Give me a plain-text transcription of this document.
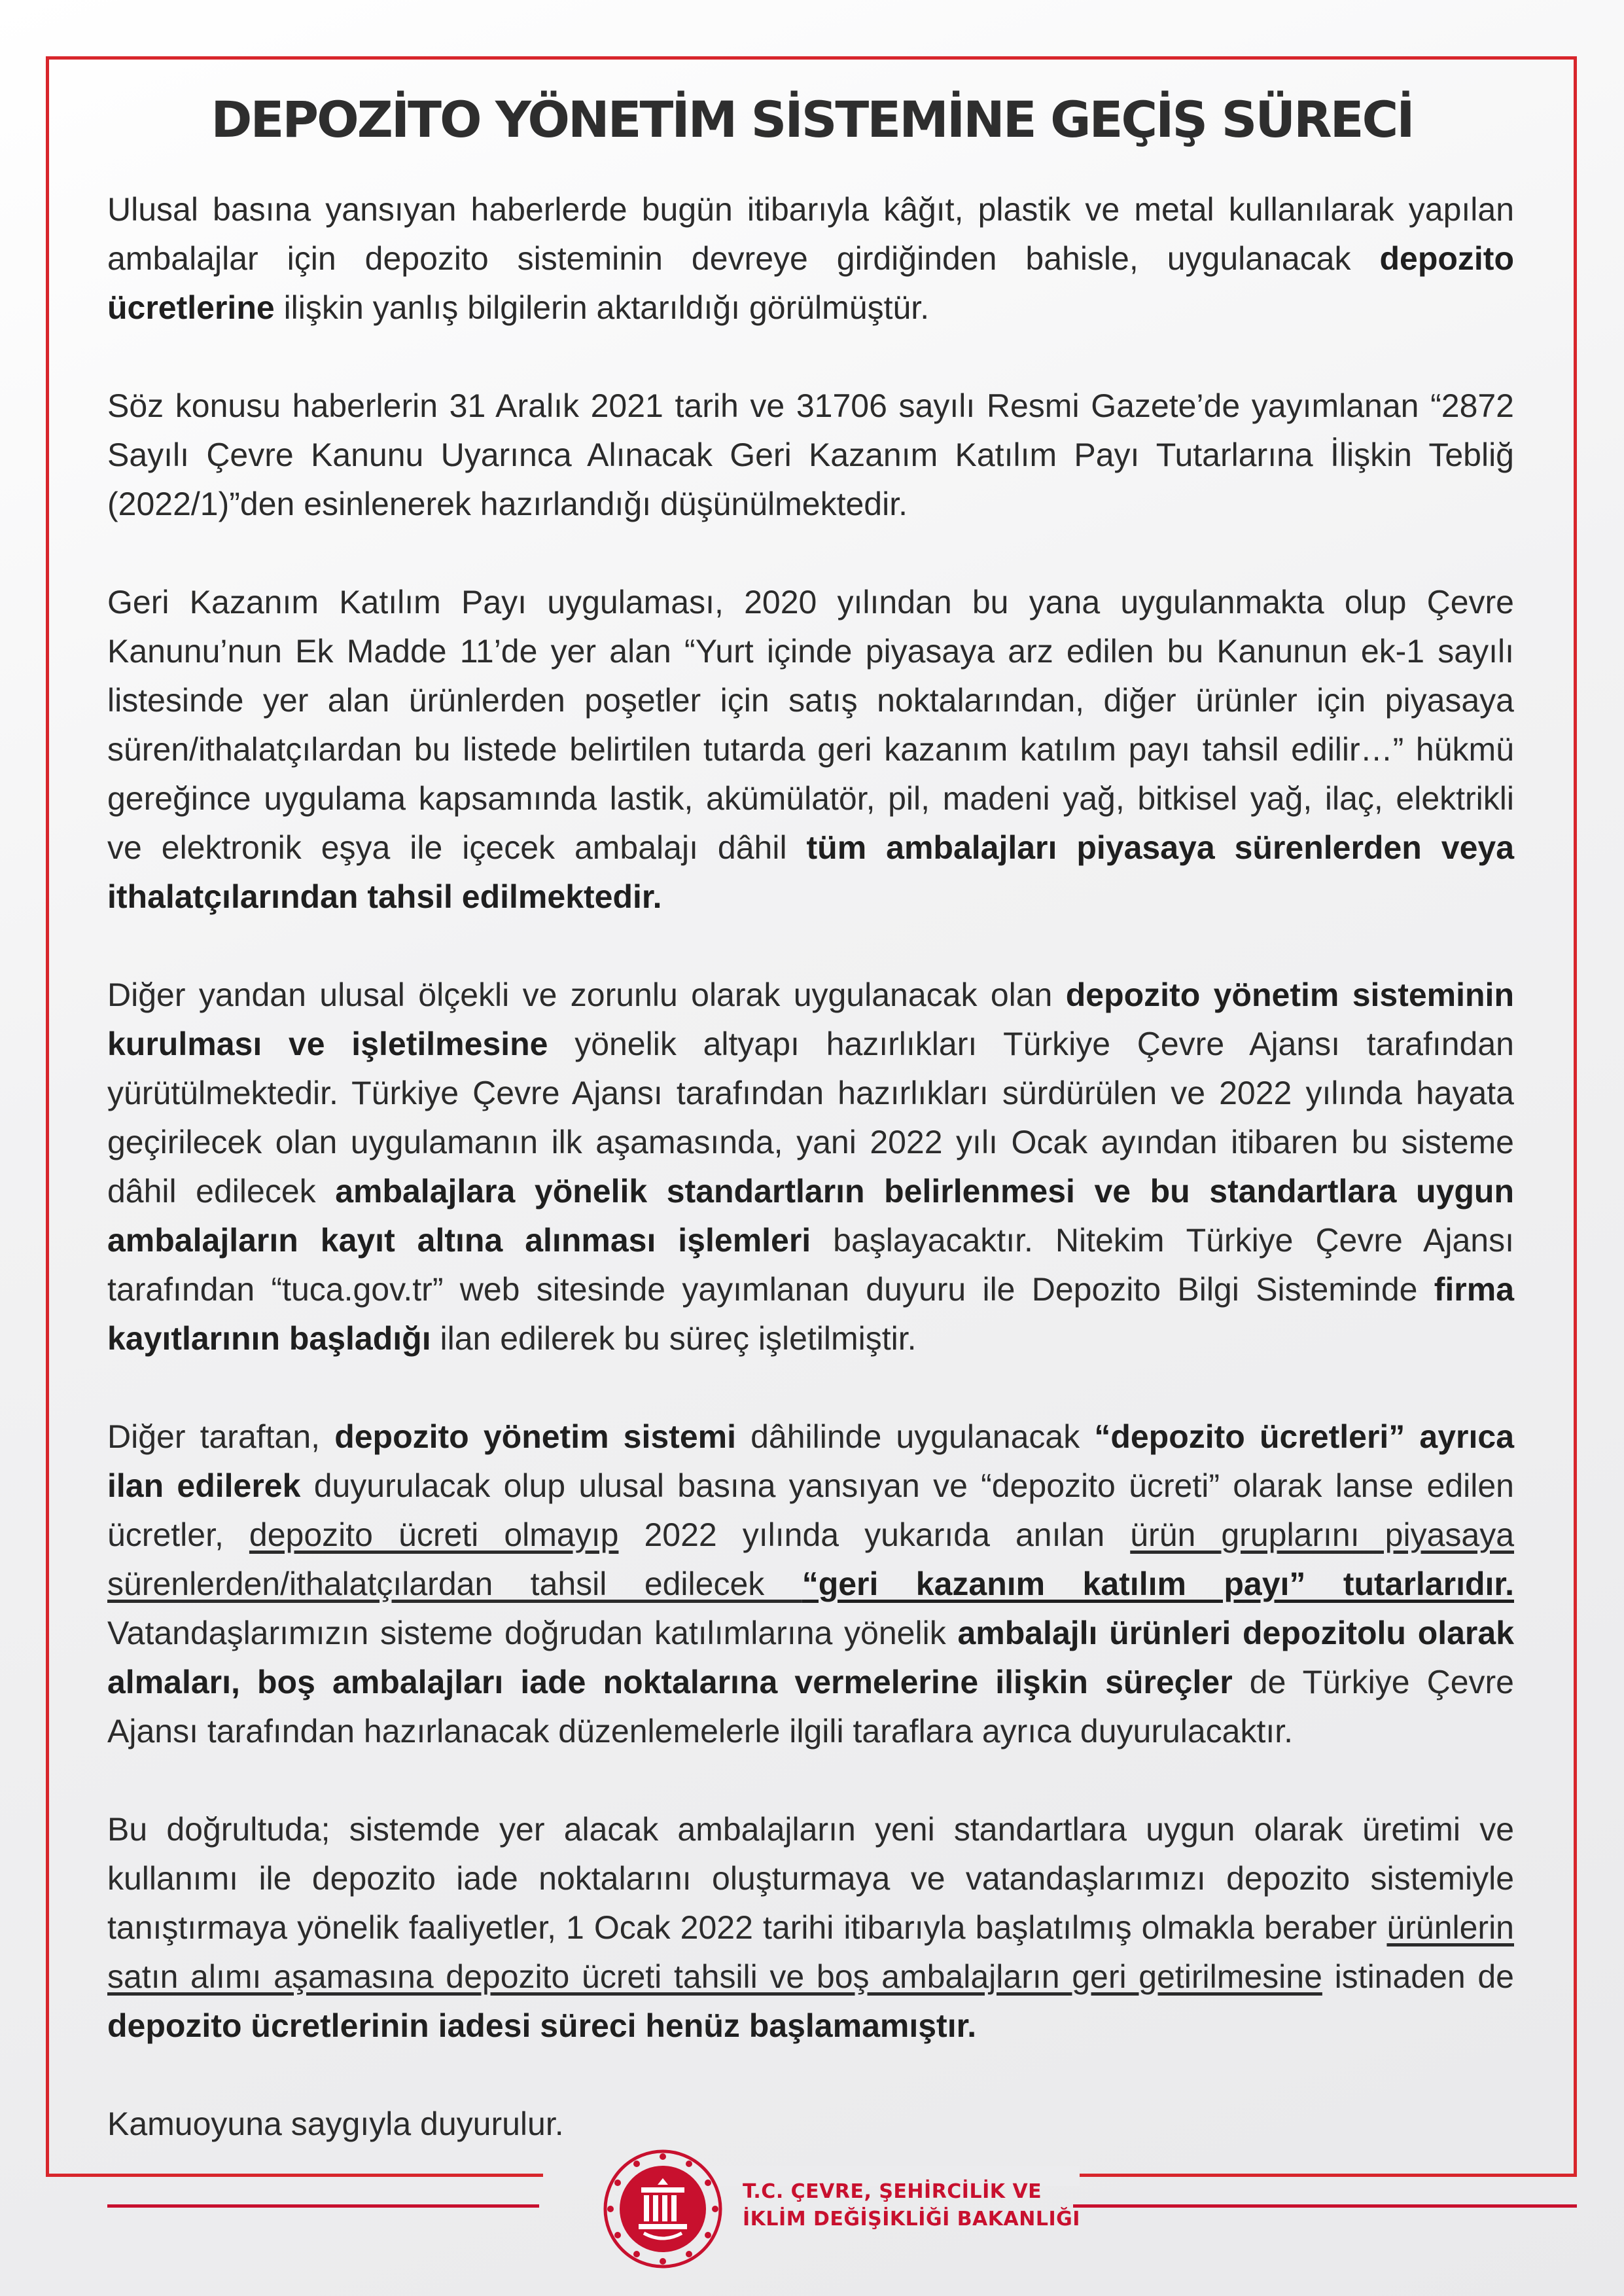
DEPOZİTO YÖNETİM SİSTEMİNE GEÇİŞ SÜRECİ

Ulusal basına yansıyan haberlerde bugün itibarıyla kâğıt, plastik ve metal kullanılarak yapılan ambalajlar için depozito sisteminin devreye girdiğinden bahisle, uygulanacak depozito ücretlerine ilişkin yanlış bilgilerin aktarıldığı görülmüştür.

Söz konusu haberlerin 31 Aralık 2021 tarih ve 31706 sayılı Resmi Gazete’de yayımlanan “2872 Sayılı Çevre Kanunu Uyarınca Alınacak Geri Kazanım Katılım Payı Tutarlarına İlişkin Tebliğ (2022/1)”den esinlenerek hazırlandığı düşünülmektedir.

Geri Kazanım Katılım Payı uygulaması, 2020 yılından bu yana uygulanmakta olup Çevre Kanunu’nun Ek Madde 11’de yer alan “Yurt içinde piyasaya arz edilen bu Kanunun ek-1 sayılı listesinde yer alan ürünlerden poşetler için satış noktalarından, diğer ürünler için piyasaya süren/ithalatçılardan bu listede belirtilen tutarda geri kazanım katılım payı tahsil edilir…” hükmü gereğince uygulama kapsamında lastik, akümülatör, pil, madeni yağ, bitkisel yağ, ilaç, elektrikli ve elektronik eşya ile içecek ambalajı dâhil tüm ambalajları piyasaya sürenlerden veya ithalatçılarından tahsil edilmektedir.

Diğer yandan ulusal ölçekli ve zorunlu olarak uygulanacak olan depozito yönetim sisteminin kurulması ve işletilmesine yönelik altyapı hazırlıkları Türkiye Çevre Ajansı tarafından yürütülmektedir. Türkiye Çevre Ajansı tarafından hazırlıkları sürdürülen ve 2022 yılında hayata geçirilecek olan uygulamanın ilk aşamasında, yani 2022 yılı Ocak ayından itibaren bu sisteme dâhil edilecek ambalajlara yönelik standartların belirlenmesi ve bu standartlara uygun ambalajların kayıt altına alınması işlemleri başlayacaktır. Nitekim Türkiye Çevre Ajansı tarafından “tuca.gov.tr” web sitesinde yayımlanan duyuru ile Depozito Bilgi Sisteminde firma kayıtlarının başladığı ilan edilerek bu süreç işletilmiştir.

Diğer taraftan, depozito yönetim sistemi dâhilinde uygulanacak “depozito ücretleri” ayrıca ilan edilerek duyurulacak olup ulusal basına yansıyan ve “depozito ücreti” olarak lanse edilen ücretler, depozito ücreti olmayıp 2022 yılında yukarıda anılan ürün gruplarını piyasaya sürenlerden/ithalatçılardan tahsil edilecek “geri kazanım katılım payı” tutarlarıdır. Vatandaşlarımızın sisteme doğrudan katılımlarına yönelik ambalajlı ürünleri depozitolu olarak almaları, boş ambalajları iade noktalarına vermelerine ilişkin süreçler de Türkiye Çevre Ajansı tarafından hazırlanacak düzenlemelerle ilgili taraflara ayrıca duyurulacaktır.

Bu doğrultuda; sistemde yer alacak ambalajların yeni standartlara uygun olarak üretimi ve kullanımı ile depozito iade noktalarını oluşturmaya ve vatandaşlarımızı depozito sistemiyle tanıştırmaya yönelik faaliyetler, 1 Ocak 2022 tarihi itibarıyla başlatılmış olmakla beraber ürünlerin satın alımı aşamasına depozito ücreti tahsili ve boş ambalajların geri getirilmesine istinaden de depozito ücretlerinin iadesi süreci henüz başlamamıştır.

Kamuoyuna saygıyla duyurulur.

T.C. ÇEVRE, ŞEHİRCİLİK VE
İKLİM DEĞİŞİKLİĞİ BAKANLIĞI
